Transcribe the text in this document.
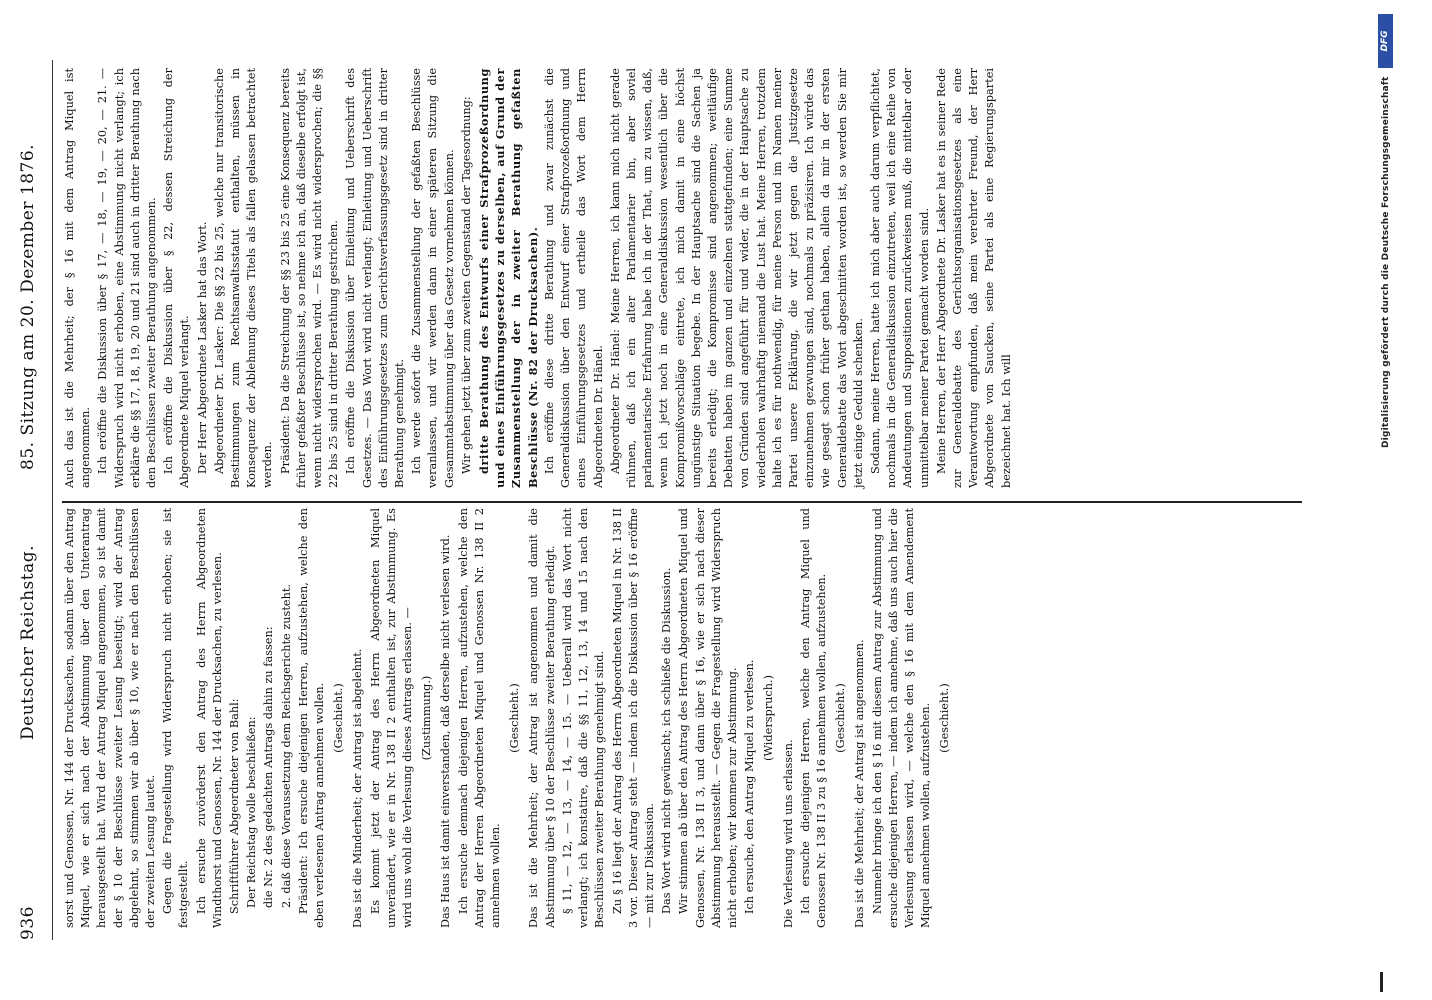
936
Deutscher Reichstag.
85. Sitzung am 20. Dezember 1876.

sorst und Genossen, Nr. 144 der Drucksachen, sodann über den Antrag Miquel, wie er sich nach der Abstimmung über den Unterantrag herausgestellt hat. Wird der Antrag Miquel angenommen, so ist damit der § 10 der Beschlüsse zweiter Lesung beseitigt; wird der Antrag abgelehnt, so stimmen wir ab über § 10, wie er nach den Beschlüssen der zweiten Lesung lautet. Gegen die Fragestellung wird Widerspruch nicht erhoben; sie ist festgestellt. Ich ersuche zuvörderst den Antrag des Herrn Abgeordneten Windthorst und Genossen, Nr. 144 der Drucksachen, zu verlesen. Schriftführer Abgeordneter von Bahl: Der Reichstag wolle beschließen: die Nr. 2 des gedachten Antrags dahin zu fassen: 2. daß diese Voraussetzung dem Reichsgerichte zusteht. Präsident: Ich ersuche diejenigen Herren, aufzustehen, welche den eben verlesenen Antrag annehmen wollen. (Geschieht.) Das ist die Minderheit; der Antrag ist abgelehnt. Es kommt jetzt der Antrag des Herrn Abgeordneten Miquel unverändert, wie er in Nr. 138 II 2 enthalten ist, zur Abstimmung. Es wird uns wohl die Verlesung dieses Antrags erlassen. — (Zustimmung.) Das Haus ist damit einverstanden, daß derselbe nicht verlesen wird. Ich ersuche demnach diejenigen Herren, aufzustehen, welche den Antrag der Herren Abgeordneten Miquel und Genossen Nr. 138 II 2 annehmen wollen.

(Geschieht.) Das ist die Mehrheit; der Antrag ist angenommen und damit die Abstimmung über § 10 der Beschlüsse zweiter Berathung erledigt. § 11, — 12, — 13, — 14, — 15. — Ueberall wird das Wort nicht verlangt; ich konstatire, daß die §§ 11, 12, 13, 14 und 15 nach den Beschlüssen zweiter Berathung genehmigt sind. Zu § 16 liegt der Antrag des Herrn Abgeordneten Miquel in Nr. 138 II 3 vor. Dieser Antrag steht — indem ich die Diskussion über § 16 eröffne — mit zur Diskussion. Das Wort wird nicht gewünscht; ich schließe die Diskussion. Wir stimmen ab über den Antrag des Herrn Abgeordneten Miquel und Genossen, Nr. 138 II 3, und dann über § 16, wie er sich nach dieser Abstimmung herausstellt. — Gegen die Fragestellung wird Widerspruch nicht erhoben; wir kommen zur Abstimmung. Ich ersuche, den Antrag Miquel zu verlesen. (Widerspruch.)

Die Verlesung wird uns erlassen. Ich ersuche diejenigen Herren, welche den Antrag Miquel und Genossen Nr. 138 II 3 zu § 16 annehmen wollen, aufzustehen. (Geschieht.) Das ist die Mehrheit; der Antrag ist angenommen. Nunmehr bringe ich den § 16 mit diesem Antrag zur Abstimmung und ersuche diejenigen Herren, — indem ich annehme, daß uns auch hier die Verlesung erlassen wird, — welche den § 16 mit dem Amendement Miquel annehmen wollen, aufzustehen. (Geschieht.)

Auch das ist die Mehrheit; der § 16 mit dem Antrag Miquel ist angenommen. Ich eröffne die Diskussion über § 17, — 18, — 19, — 20, — 21. — Widerspruch wird nicht erhoben, eine Abstimmung nicht verlangt; ich erkläre die §§ 17, 18, 19, 20 und 21 sind auch in dritter Berathung nach den Beschlüssen zweiter Berathung angenommen. Ich eröffne die Diskussion über § 22, dessen Streichung der Abgeordnete Miquel verlangt. Der Herr Abgeordnete Lasker hat das Wort. Abgeordneter Dr. Lasker: Die §§ 22 bis 25, welche nur transitorische Bestimmungen zum Rechtsanwaltsstatut enthalten, müssen in Konsequenz der Ablehnung dieses Titels als fallen gelassen betrachtet werden. Präsident: Da die Streichung der §§ 23 bis 25 eine Konsequenz bereits früher gefaßter Beschlüsse ist, so nehme ich an, daß dieselbe erfolgt ist, wenn nicht widersprochen wird. — Es wird nicht widersprochen; die §§ 22 bis 25 sind in dritter Berathung gestrichen. Ich eröffne die Diskussion über Einleitung und Ueberschrift des Gesetzes. — Das Wort wird nicht verlangt; Einleitung und Ueberschrift des Einführungsgesetzes zum Gerichtsverfassungsgesetz sind in dritter Berathung genehmigt. Ich werde sofort die Zusammenstellung der gefaßten Beschlüsse veranlassen, und wir werden dann in einer späteren Sitzung die Gesammtabstimmung über das Gesetz vornehmen können. Wir gehen jetzt über zum zweiten Gegenstand der Tagesordnung: dritte Berathung des Entwurfs einer Strafprozeßordnung und eines Einführungsgesetzes zu derselben, auf Grund der Zusammenstellung der in zweiter Berathung gefaßten Beschlüsse (Nr. 82 der Drucksachen). Ich eröffne diese dritte Berathung und zwar zunächst die Generaldiskussion über den Entwurf einer Strafprozeßordnung und eines Einführungsgesetzes und ertheile das Wort dem Herrn Abgeordneten Dr. Hänel. Abgeordneter Dr. Hänel: Meine Herren, ich kann mich nicht gerade rühmen, daß ich ein alter Parlamentarier bin, aber soviel parlamentarische Erfahrung habe ich in der That, um zu wissen, daß, wenn ich jetzt noch in eine Generaldiskussion wesentlich über die Kompromißvorschläge eintrete, ich mich damit in eine höchst ungünstige Situation begebe. In der Hauptsache sind die Sachen ja bereits erledigt; die Kompromisse sind angenommen; weitläufige Debatten haben im ganzen und einzelnen stattgefunden; eine Summe von Gründen sind angeführt für und wider, die in der Hauptsache zu wiederholen wahrhaftig niemand die Lust hat. Meine Herren, trotzdem halte ich es für nothwendig, für meine Person und im Namen meiner Partei unsere Erklärung, die wir jetzt gegen die Justizgesetze einzunehmen gezwungen sind, nochmals zu präzisiren. Ich würde das wie gesagt schon früher gethan haben, allein da mir in der ersten Generaldebatte das Wort abgeschnitten worden ist, so werden Sie mir jetzt einige Geduld schenken. Sodann, meine Herren, hatte ich mich aber auch darum verpflichtet, nochmals in die Generaldiskussion einzutreten, weil ich eine Reihe von Andeutungen und Suppositionen zurückweisen muß, die mittelbar oder unmittelbar meiner Partei gemacht worden sind. Meine Herren, der Herr Abgeordnete Dr. Lasker hat es in seiner Rede zur Generaldebatte des Gerichtsorganisationsgesetzes als eine Verantwortung empfunden, daß mein verehrter Freund, der Herr Abgeordnete von Saucken, seine Partei als eine Regierungspartei bezeichnet hat. Ich will	Digitalisierung gefördert durch die Deutsche Forschungsgemeinschaft
DFG
